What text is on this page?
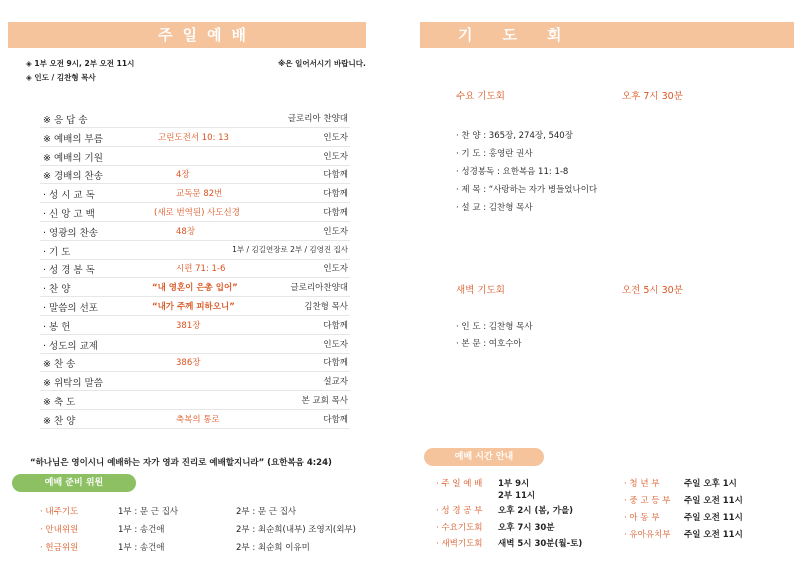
주일예배
◈ 1부 오전 9시, 2부 오전 11시
◈ 인도 / 김찬형 목사
※은 일어서시기 바랍니다.
※ 응 답 송	글로리아 찬양대
※ 예배의 부름	고린도전서 10: 13	인도자
※ 예배의 기원	인도자
※ 경배의 찬송	4장	다함께
· 성 시 교 독	교독문 82번	다함께
· 신 앙 고 백	(새로 번역된) 사도신경	다함께
· 영광의 찬송	48장	인도자
· 기 도	1부 / 김길연장로 2부 / 김영진 집사
· 성 경 봉 독	시편 71: 1-6	인도자
· 찬 양	“내 영혼이 은총 입어”	글로리아찬양대
· 말씀의 선포	“내가 주께 피하오니”	김찬형 목사
· 봉 헌	381장	다함께
· 성도의 교제	인도자
※ 찬 송	386장	다함께
※ 위탁의 말씀	설교자
※ 축 도	본 교회 목사
※ 찬 양	축복의 통로	다함께
“하나님은 영이시니 예배하는 자가 영과 진리로 예배할지니라” (요한복음 4:24)
예배 준비 위원
· 내주기도	1부 : 문 근 집사	2부 : 문 근 집사
· 안내위원	1부 : 송건애	2부 : 최순희(내부) 조영지(외부)
· 헌금위원	1부 : 송건애	2부 : 최순희 이유미
기도회
수요 기도회	오후 7시 30분
· 찬 양 : 365장, 274장, 540장
· 기 도 : 홍영란 권사
· 성경봉독 : 요한복음 11: 1-8
· 제 목 : “사랑하는 자가 병들었나이다
· 설 교 : 김찬형 목사
새벽 기도회	오전 5시 30분
· 인 도 : 김찬형 목사
· 본 문 : 여호수아
예배 시간 안내
· 주 일 예 배 1부 9시
2부 11시
· 성 경 공 부 오후 2시 (봄, 가을)
· 수요기도회 오후 7시 30분
· 새벽기도회 새벽 5시 30분(월-토)
· 청 년 부	주일 오후 1시
· 중 고 등 부 주일 오전 11시
· 아 동 부	주일 오전 11시
· 유아유치부 주일 오전 11시
